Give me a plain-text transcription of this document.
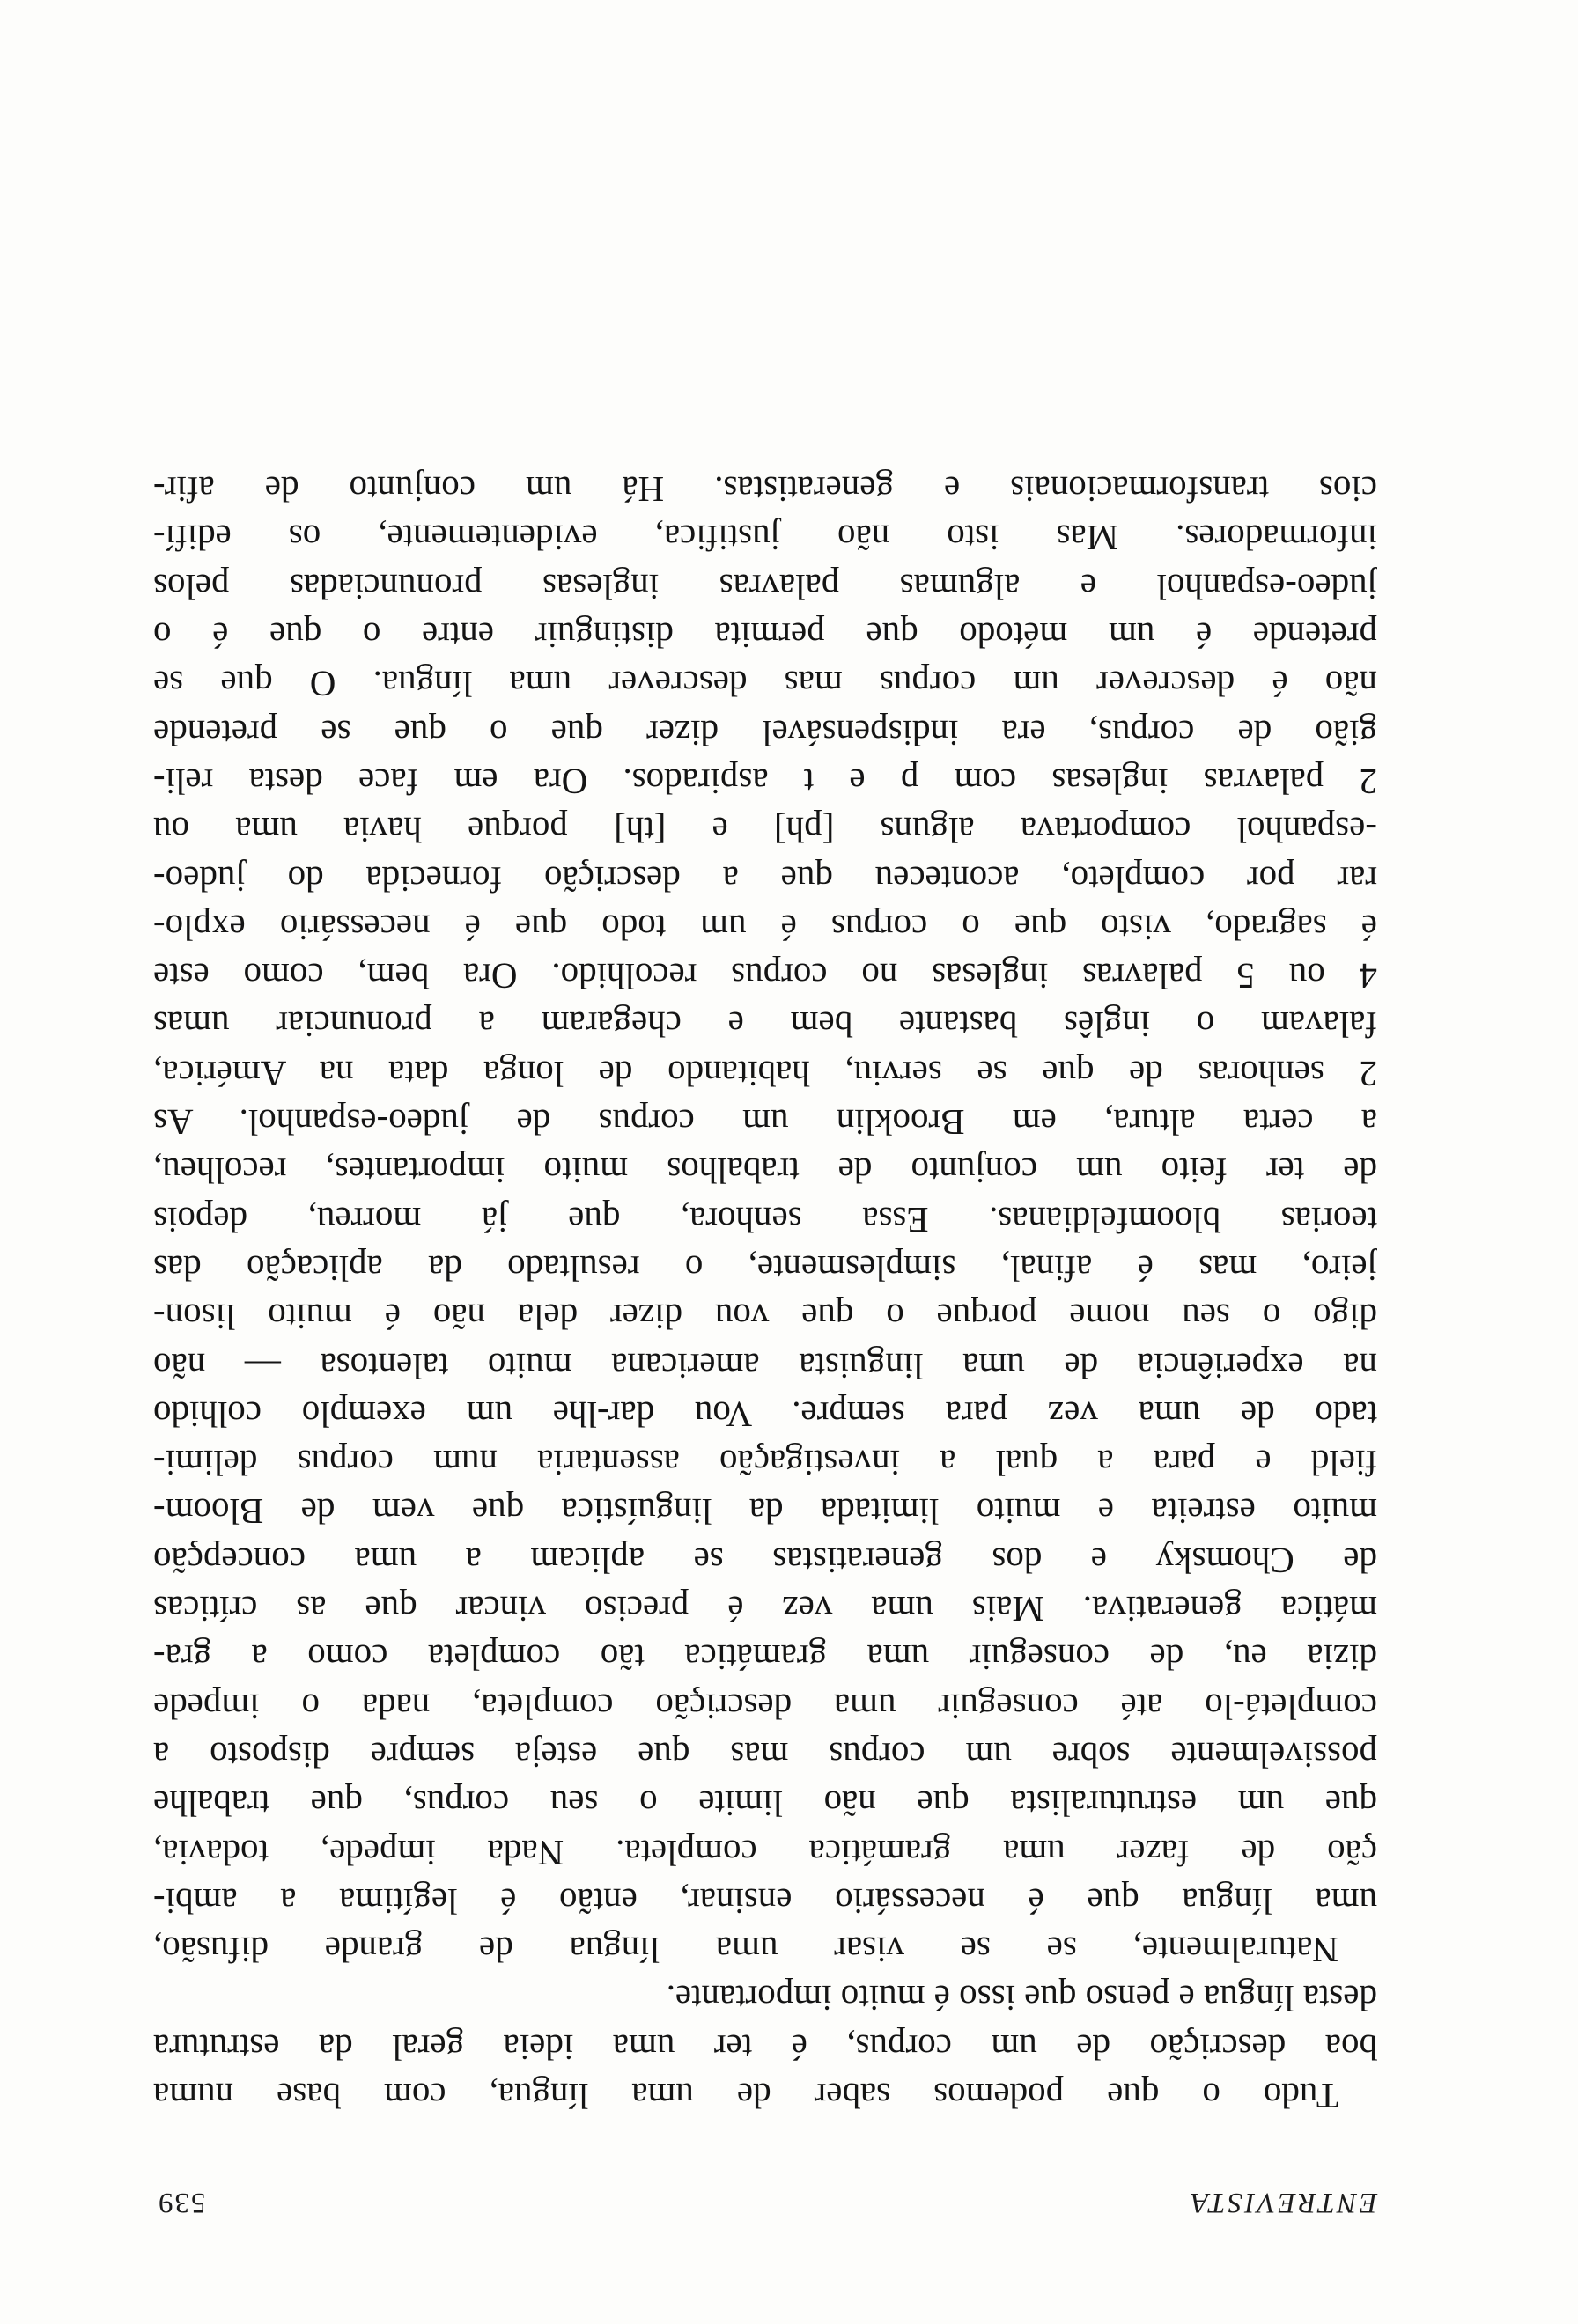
ENTREVISTA
539
Tudo o que podemos saber de uma língua, com base numa
boa descrição de um corpus, é ter uma ideia geral da estrutura
desta língua e penso que isso é muito importante.
Naturalmente, se se visar uma língua de grande difusão,
uma língua que é necessário ensinar, então é legítima a ambi-
ção de fazer uma gramática completa. Nada impede, todavia,
que um estruturalista que não limite o seu corpus, que trabalhe
possivelmente sobre um corpus mas que esteja sempre disposto a
completá-lo até conseguir uma descrição completa, nada o impede
dizia eu, de conseguir uma gramática tão completa como a gra-
mática generativa. Mais uma vez é preciso vincar que as críticas
de Chomsky e dos generatistas se aplicam a uma concepção
muito estreita e muito limitada da linguística que vem de Bloom-
field e para a qual a investigação assentaria num corpus delimi-
tado de uma vez para sempre. Vou dar-lhe um exemplo colhido
na experiência de uma linguista americana muito talentosa — não
digo o seu nome porque o que vou dizer dela não é muito lison-
jeiro, mas é afinal, simplesmente, o resultado da aplicação das
teorias bloomfeldianas. Essa senhora, que já morreu, depois
de ter feito um conjunto de trabalhos muito importantes, recolheu,
a certa altura, em Brooklin um corpus de judeo-espanhol. As
2 senhoras de que se serviu, habitando de longa data na América,
falavam o inglês bastante bem e chegaram a pronunciar umas
4 ou 5 palavras inglesas no corpus recolhido. Ora bem, como este
é sagrado, visto que o corpus é um todo que é necessário explo-
rar por completo, aconteceu que a descrição fornecida do judeo-
-espanhol comportava alguns [ph] e [th] porque havia uma ou
2 palavras inglesas com p e t aspirados. Ora em face desta reli-
gião de corpus, era indispensável dizer que o que se pretende
não é descrever um corpus mas descrever uma língua. O que se
pretende é um método que permita distinguir entre o que é o
judeo-espanhol e algumas palavras inglesas pronunciadas pelos
informadores. Mas isto não justifica, evidentemente, os edifí-
cios transformacionais e generatistas. Há um conjunto de afir-
